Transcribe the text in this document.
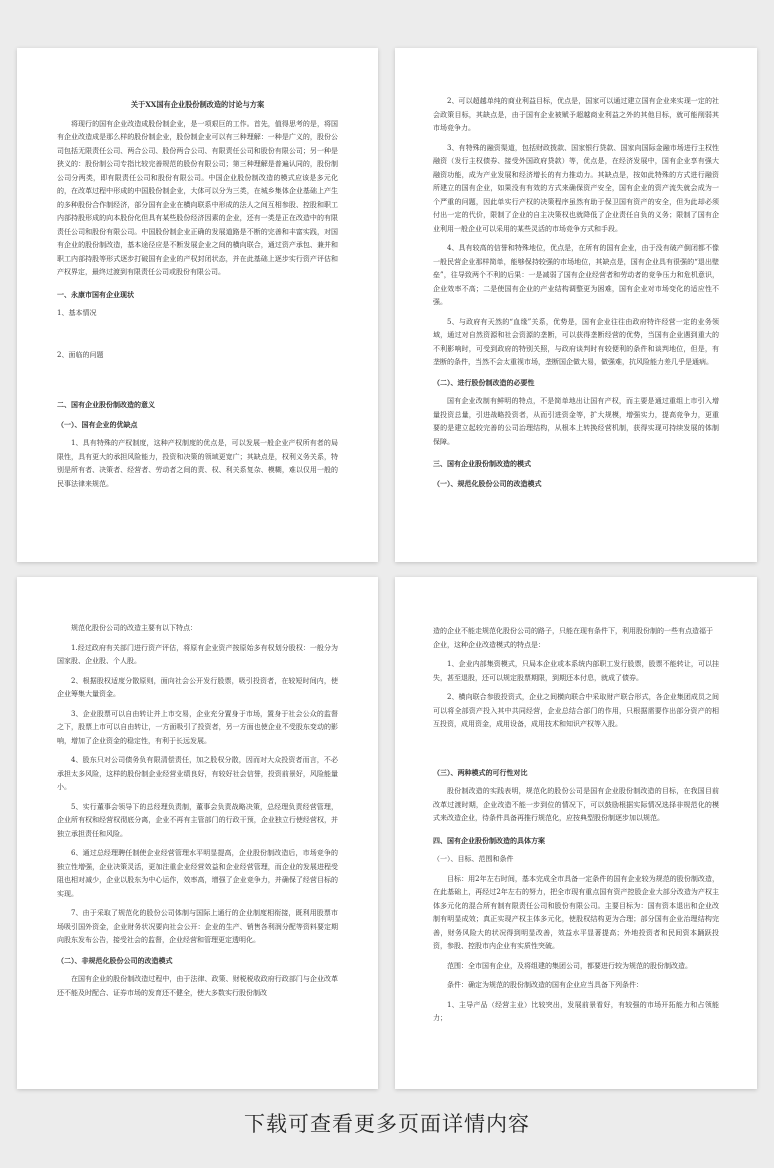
关于XX国有企业股份制改造的讨论与方案
将现行的国有企业改造成股份制企业，是一项艰巨的工作。首先，值得思考的是，将国有企业改造成是那么样的股份制企业，股份制企业可以有三种理解：一种是广义的，股份公司包括无限责任公司、两合公司、股份两合公司、有限责任公司和股份有限公司；另一种是狭义的：股份制公司专指比较完善规范的股份有限公司；第三种理解是普遍认同的，股份制公司分两类，即有限责任公司和股份有限公司。中国企业股份制改造的模式应该是多元化的，在改革过程中形成的中国股份制企业，大体可以分为三类，在城乡集体企业基础上产生的多种股份合作制经济，部分国有企业在横向联系中形成的法人之间互相参股、控股和职工内部持股形成的向本股份化但具有某些股份经济因素的企业，还有一类是正在改造中的有限责任公司和股份有限公司。中国股份制企业正确的发展道路是不断的完善和丰富实践，对国有企业的股份制改造，基本途径应是不断发展企业之间的横向联合，通过资产承包、兼并和职工内部持股等形式逐步打破国有企业的产权封闭状态，并在此基础上逐步实行资产评估和产权界定，最终过渡到有限责任公司或股份有限公司。
一、永康市国有企业现状
1、基本情况
2、面临的问题
二、国有企业股份制改造的意义
（一）、国有企业的优缺点
1、具有特殊的产权制度，这种产权制度的优点是，可以发展一般企业产权所有者的局限性，具有更大的承担风险能力，投资和决策的领域更宽广；其缺点是，权利义务关系，特别是所有者、决策者、经营者、劳动者之间的责、权、利关系复杂、模糊，难以仅用一般的民事法律来规范。
2、可以超越单纯的商业利益目标，优点是，国家可以通过建立国有企业来实现一定的社会政策目标，其缺点是，由于国有企业被赋予超越商业利益之外的其他目标，就可能削弱其市场竞争力。
3、有特殊的融资渠道，包括财政拨款、国家银行贷款、国家向国际金融市场进行主权性融资（发行主权债券、接受外国政府贷款）等，优点是，在经济发展中，国有企业享有强大融资功能，成为产业发展和经济增长的有力推动力。其缺点是，按如此特殊的方式进行融资所建立的国有企业，如果没有有效的方式来确保资产安全，国有企业的资产流失就会成为一个严重的问题，因此单实行产权的决策程序虽然有助于保卫国有资产的安全，但为此却必须付出一定的代价，限制了企业的自主决策权也就降低了企业责任自负的义务；限制了国有企业利用一般企业可以采用的某些灵活的市场竞争方式和手段。
4、具有较高的信誉和特殊地位，优点是，在所有的国有企业，由于没有破产倒闭都不像一般民营企业那样简单，能够保持较强的市场地位，其缺点是，国有企业具有很强的“退出壁垒”，往导致两个不利的后果：一是减弱了国有企业经营者和劳动者的竞争压力和危机意识，企业效率不高；二是使国有企业的产业结构调整更为困难，国有企业对市场变化的适应性不强。
5、与政府有天然的“血缘”关系，优势是，国有企业往往由政府特许经营一定的业务领域，通过对自然资源和社会资源的垄断，可以获得垄断经营的优势，当国有企业遇到重大的不利影响时，可受到政府的特别关照，与政府谈判时有较便利的条件和谈判地位，但是，有垄断的条件，当然不会太重视市场，垄断国企做大易，做强难，抗风险能力差几乎是通病。
（二）、进行股份制改造的必要性
国有企业改制有鲜明的特点，不是简单地出让国有产权，而主要是通过重组上市引入增量投资总量，引进战略投资者，从而引进资金等，扩大规模，增强实力，提高竞争力，更重要的是建立起较完善的公司治理结构，从根本上转换经营机制，获得实现可持续发展的体制保障。
三、国有企业股份制改造的模式
（一）、规范化股份公司的改造模式
规范化股份公司的改造主要有以下特点：
1.经过政府有关部门进行资产评估，将原有企业资产按原始多有权划分股权：一般分为国家股、企业股、个人股。
2、根据股权适度分散原则，面向社会公开发行股票，吸引投资者，在较短时间内，使企业筹集大量资金。
3、企业股票可以自由转让并上市交易，企业充分置身于市场，置身于社会公众的监督之下，股票上市可以自由转让，一方面吸引了投资者，另一方面也使企业不受股东变动的影响，增加了企业资金的稳定性，有利于长远发展。
4、股东只对公司债务负有限清偿责任，加之股权分散，因而对大众投资者而言，不必承担太多风险，这样的股份制企业经营业绩良好，有较好社会信誉，投资前景好，风险能量小。
5、实行董事会领导下的总经理负责制，董事会负责战略决策，总经理负责经营管理，企业所有权和经营权彻底分离，企业不再有主管部门的行政干预，企业独立行使经营权，并独立承担责任和风险。
6、通过总经理聘任制使企业经营管理水平明显提高，企业股份制改造后，市场竞争的独立性增强，企业决策灵活，更加注重企业经营效益和企业经营管理，而企业的发展进程受阻也相对减少，企业以股东为中心运作，效率高，增强了企业竞争力，并确保了经营目标的实现。
7、由于采取了规范化的股份公司体制与国际上通行的企业制度相衔接，既利用股票市场吸引国外资金，企业财务状况要向社会公开：企业的生产、销售各利润分配等资料要定期向股东发布公告，接受社会的监督，企业经营和管理更定透明化。
（二）、非规范化股份公司的改造模式
在国有企业的股份制改造过程中，由于法律、政策、财税税收政府行政部门与企业改革还不能及时配合、证券市场的发育还不健全，使大多数实行股份制改
造的企业不能走规范化股份公司的路子，只能在现有条件下，利用股份制的一些有点造福于企业，这种企业改造模式的特点是：
1、企业内部集资模式，只局本企业或本系统内部职工发行股票，股票不能转让，可以挂失，甚至退股，还可以规定股票期限，到期还本付息，就成了债券。
2、横向联合参股投资式，企业之间横向联合中采取财产联合形式，各企业集团成员之间可以将全部资产投入其中共同经营，企业总结合部门的作用，只根据需要作出部分资产的相互投资，成用资金，成用设备，成用技术和知识产权等入股。
（三）、两种模式的可行性对比
股份制改造的实践表明，规范化的股份公司是国有企业股份制改造的目标，在我国目前改革过渡时期，企业改造不能一步到位的情况下，可以鼓励根据实际情况选择非规范化的模式来改造企业，待条件具备再推行规范化，应按典型股份制逐步加以规范。
四、国有企业股份制改造的具体方案
（一）、目标、范围和条件
目标：用2年左右时间，基本完成全市具备一定条件的国有企业较为规范的股份制改造，在此基础上，再经过2年左右的努力，把全市现有重点国有资产控股企业大部分改造为产权主体多元化的混合所有制有限责任公司和股份有限公司。主要目标为：国有资本退出和企业改制有明显成效；真正实现产权主体多元化，使股权结构更为合理；部分国有企业治理结构完善，财务风险大的状况得到明显改善，效益水平显著提高；外地投资者和民间资本踊跃投资，参股、控股市内企业有实质性突破。
范围：全市国有企业，及将组建的集团公司，都要进行较为规范的股份制改造。
条件：确定为规范的股份制改造的国有企业应当具备下列条件：
1、主导产品（经营主业）比较突出，发展前景看好，有较强的市场开拓能力和占领能力；
下载可查看更多页面详情内容
